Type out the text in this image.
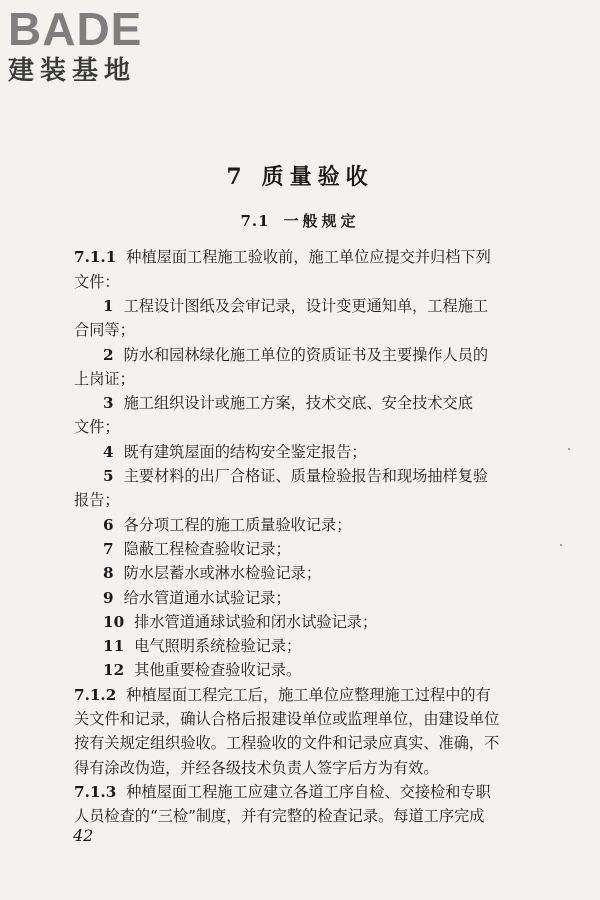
BADE
建装基地
7 质量验收
7.1 一般规定
7.1.1 种植屋面工程施工验收前，施工单位应提交并归档下列
文件：
1 工程设计图纸及会审记录，设计变更通知单，工程施工
合同等；
2 防水和园林绿化施工单位的资质证书及主要操作人员的
上岗证；
3 施工组织设计或施工方案，技术交底、安全技术交底
文件；
4 既有建筑屋面的结构安全鉴定报告；
5 主要材料的出厂合格证、质量检验报告和现场抽样复验
报告；
6 各分项工程的施工质量验收记录；
7 隐蔽工程检查验收记录；
8 防水层蓄水或淋水检验记录；
9 给水管道通水试验记录；
10 排水管道通球试验和闭水试验记录；
11 电气照明系统检验记录；
12 其他重要检查验收记录。
7.1.2 种植屋面工程完工后，施工单位应整理施工过程中的有
关文件和记录，确认合格后报建设单位或监理单位，由建设单位
按有关规定组织验收。工程验收的文件和记录应真实、准确，不
得有涂改伪造，并经各级技术负责人签字后方为有效。
7.1.3 种植屋面工程施工应建立各道工序自检、交接检和专职
人员检查的“三检”制度，并有完整的检查记录。每道工序完成
42
